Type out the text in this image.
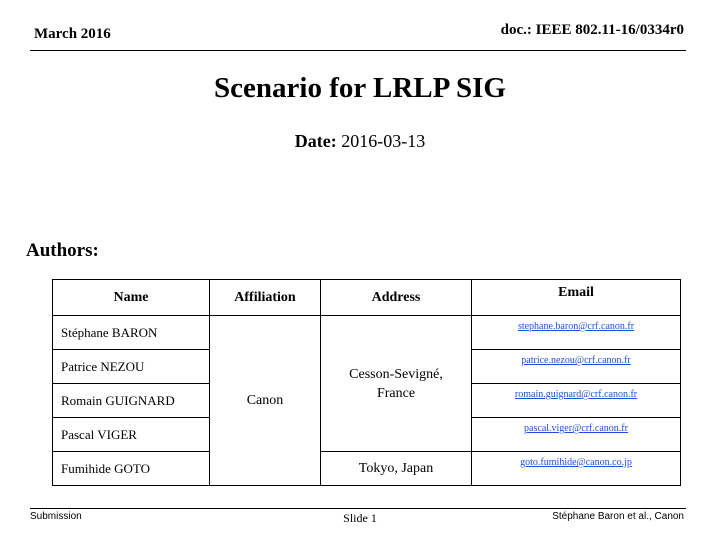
March 2016	doc.: IEEE 802.11-16/0334r0
Scenario for LRLP SIG
Date: 2016-03-13
Authors:
Name	Affiliation	Address	Email
Stéphane BARON	Canon	Cesson-Sevigné, France	stephane.baron@crf.canon.fr
Patrice NEZOU			patrice.nezou@crf.canon.fr
Romain GUIGNARD			romain.guignard@crf.canon.fr
Pascal VIGER			pascal.viger@crf.canon.fr
Fumihide GOTO		Tokyo, Japan	goto.fumihide@canon.co.jp
Submission	Slide 1	Stéphane Baron et al., Canon
